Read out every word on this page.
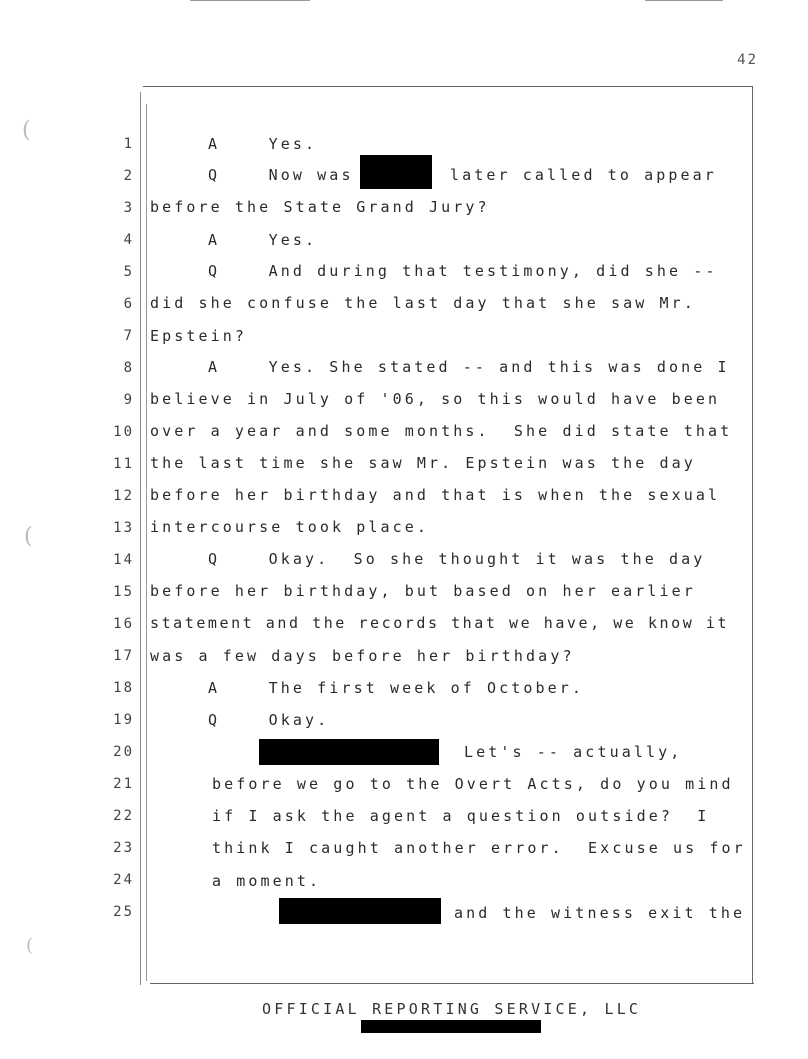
42
(
(
(
1
2
3
4
5
6
7
8
9
10
11
12
13
14
15
16
17
18
19
20
21
22
23
24
25
A    Yes.
Q    Now was	later called to appear
before the State Grand Jury?
A    Yes.
Q    And during that testimony, did she --
did she confuse the last day that she saw Mr.
Epstein?
A    Yes. She stated -- and this was done I
believe in July of '06, so this would have been
over a year and some months.  She did state that
the last time she saw Mr. Epstein was the day
before her birthday and that is when the sexual
intercourse took place.
Q    Okay.  So she thought it was the day
before her birthday, but based on her earlier
statement and the records that we have, we know it
was a few days before her birthday?
A    The first week of October.
Q    Okay.
Let's -- actually,
before we go to the Overt Acts, do you mind
if I ask the agent a question outside?  I
think I caught another error.  Excuse us for
a moment.
and the witness exit the
OFFICIAL REPORTING SERVICE, LLC
